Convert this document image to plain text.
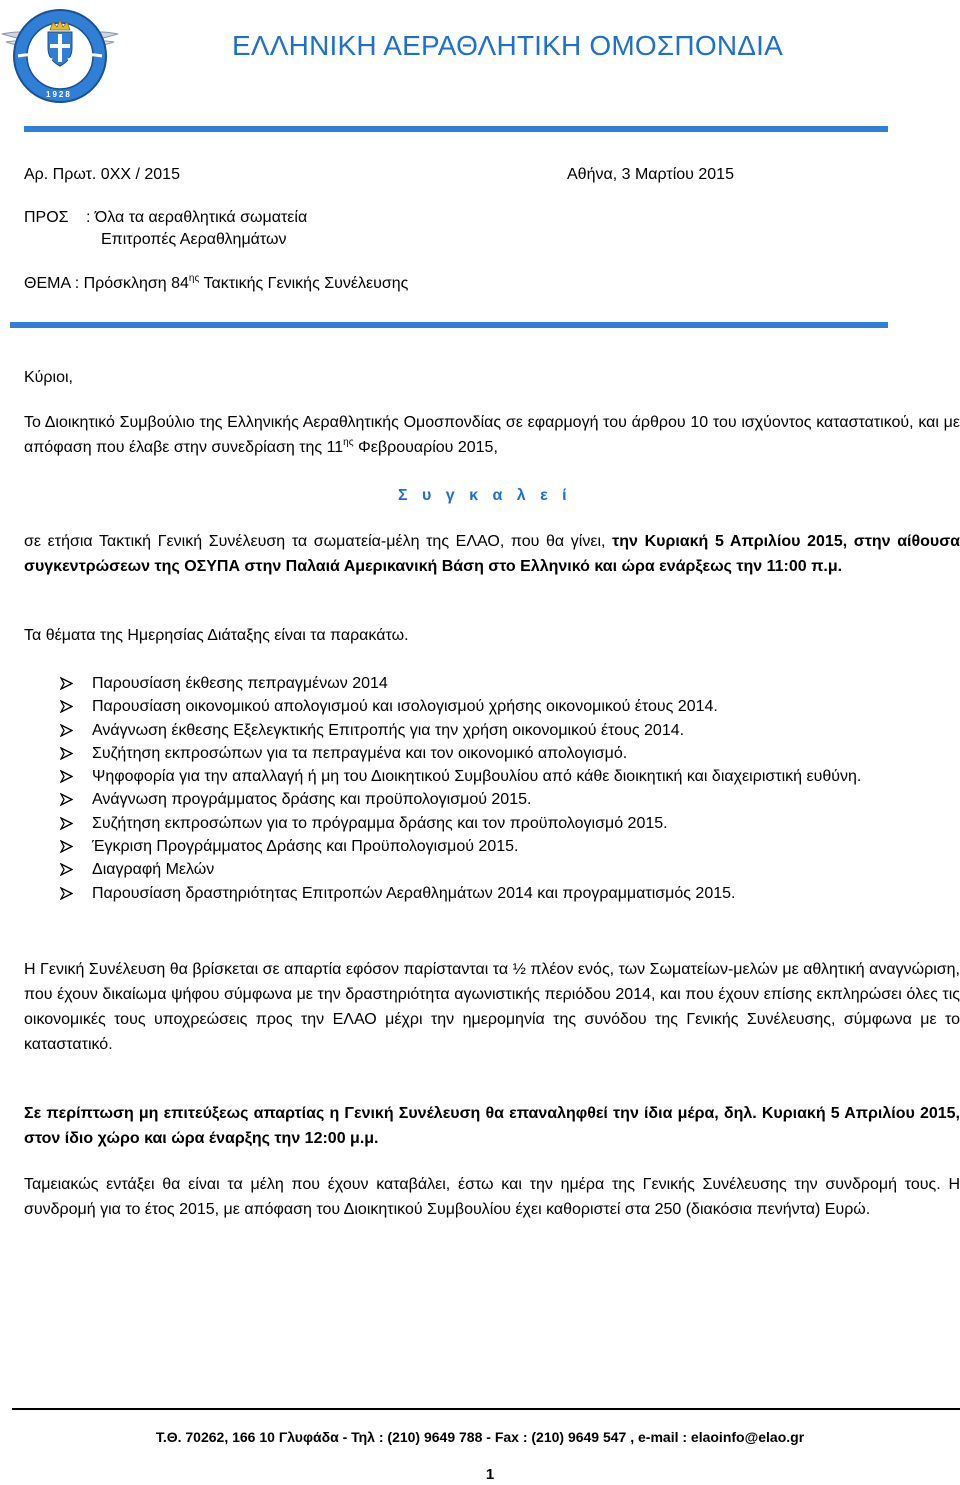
1928
ΕΛΛΗΝΙΚΗ ΑΕΡΑΘΛΗΤΙΚΗ ΟΜΟΣΠΟΝΔΙΑ
Αρ. Πρωτ. 0ΧΧ / 2015	Αθήνα, 3 Μαρτίου 2015
ΠΡΟΣ : Όλα τα αεραθλητικά σωματεία
Επιτροπές Αεραθλημάτων
ΘΕΜΑ : Πρόσκληση $84^{\eta\varsigma}$ Τακτικής Γενικής Συνέλευσης
Κύριοι,
Το Διοικητικό Συμβούλιο της Ελληνικής Αεραθλητικής Ομοσπονδίας σε εφαρμογή του άρθρου 10 του ισχύοντος καταστατικού, και με απόφαση που έλαβε στην συνεδρίαση της $11^{\eta\varsigma}$ Φεβρουαρίου 2015,
Σ υ γ κ α λ ε ί
σε ετήσια Τακτική Γενική Συνέλευση τα σωματεία-μέλη της ΕΛΑΟ, που θα γίνει, την Κυριακή 5 Απριλίου 2015, στην αίθουσα συγκεντρώσεων της ΟΣΥΠΑ στην Παλαιά Αμερικανική Βάση στο Ελληνικό και ώρα ενάρξεως την 11:00 π.μ.
Τα θέματα της Ημερησίας Διάταξης είναι τα παρακάτω.
Παρουσίαση έκθεσης πεπραγμένων 2014
Παρουσίαση οικονομικού απολογισμού και ισολογισμού χρήσης οικονομικού έτους 2014.
Ανάγνωση έκθεσης Εξελεγκτικής Επιτροπής για την χρήση οικονομικού έτους 2014.
Συζήτηση εκπροσώπων για τα πεπραγμένα και τον οικονομικό απολογισμό.
Ψηφοφορία για την απαλλαγή ή μη του Διοικητικού Συμβουλίου από κάθε διοικητική και διαχειριστική ευθύνη.
Ανάγνωση προγράμματος δράσης και προϋπολογισμού 2015.
Συζήτηση εκπροσώπων για το πρόγραμμα δράσης και τον προϋπολογισμό 2015.
Έγκριση Προγράμματος Δράσης και Προϋπολογισμού 2015.
Διαγραφή Μελών
Παρουσίαση δραστηριότητας Επιτροπών Αεραθλημάτων 2014 και προγραμματισμός 2015.
Η Γενική Συνέλευση θα βρίσκεται σε απαρτία εφόσον παρίστανται τα ½ πλέον ενός, των Σωματείων-μελών με αθλητική αναγνώριση, που έχουν δικαίωμα ψήφου σύμφωνα με την δραστηριότητα αγωνιστικής περιόδου 2014, και που έχουν επίσης εκπληρώσει όλες τις οικονομικές τους υποχρεώσεις προς την ΕΛΑΟ μέχρι την ημερομηνία της συνόδου της Γενικής Συνέλευσης, σύμφωνα με το καταστατικό.
Σε περίπτωση μη επιτεύξεως απαρτίας η Γενική Συνέλευση θα επαναληφθεί την ίδια μέρα, δηλ. Κυριακή 5 Απριλίου 2015, στον ίδιο χώρο και ώρα έναρξης την 12:00 μ.μ.
Ταμειακώς εντάξει θα είναι τα μέλη που έχουν καταβάλει, έστω και την ημέρα της Γενικής Συνέλευσης την συνδρομή τους. Η συνδρομή για το έτος 2015, με απόφαση του Διοικητικού Συμβουλίου έχει καθοριστεί στα 250 (διακόσια πενήντα) Ευρώ.
Τ.Θ. 70262, 166 10 Γλυφάδα - Τηλ : (210) 9649 788 - Fax : (210) 9649 547 , e-mail : elaoinfo@elao.gr
1
